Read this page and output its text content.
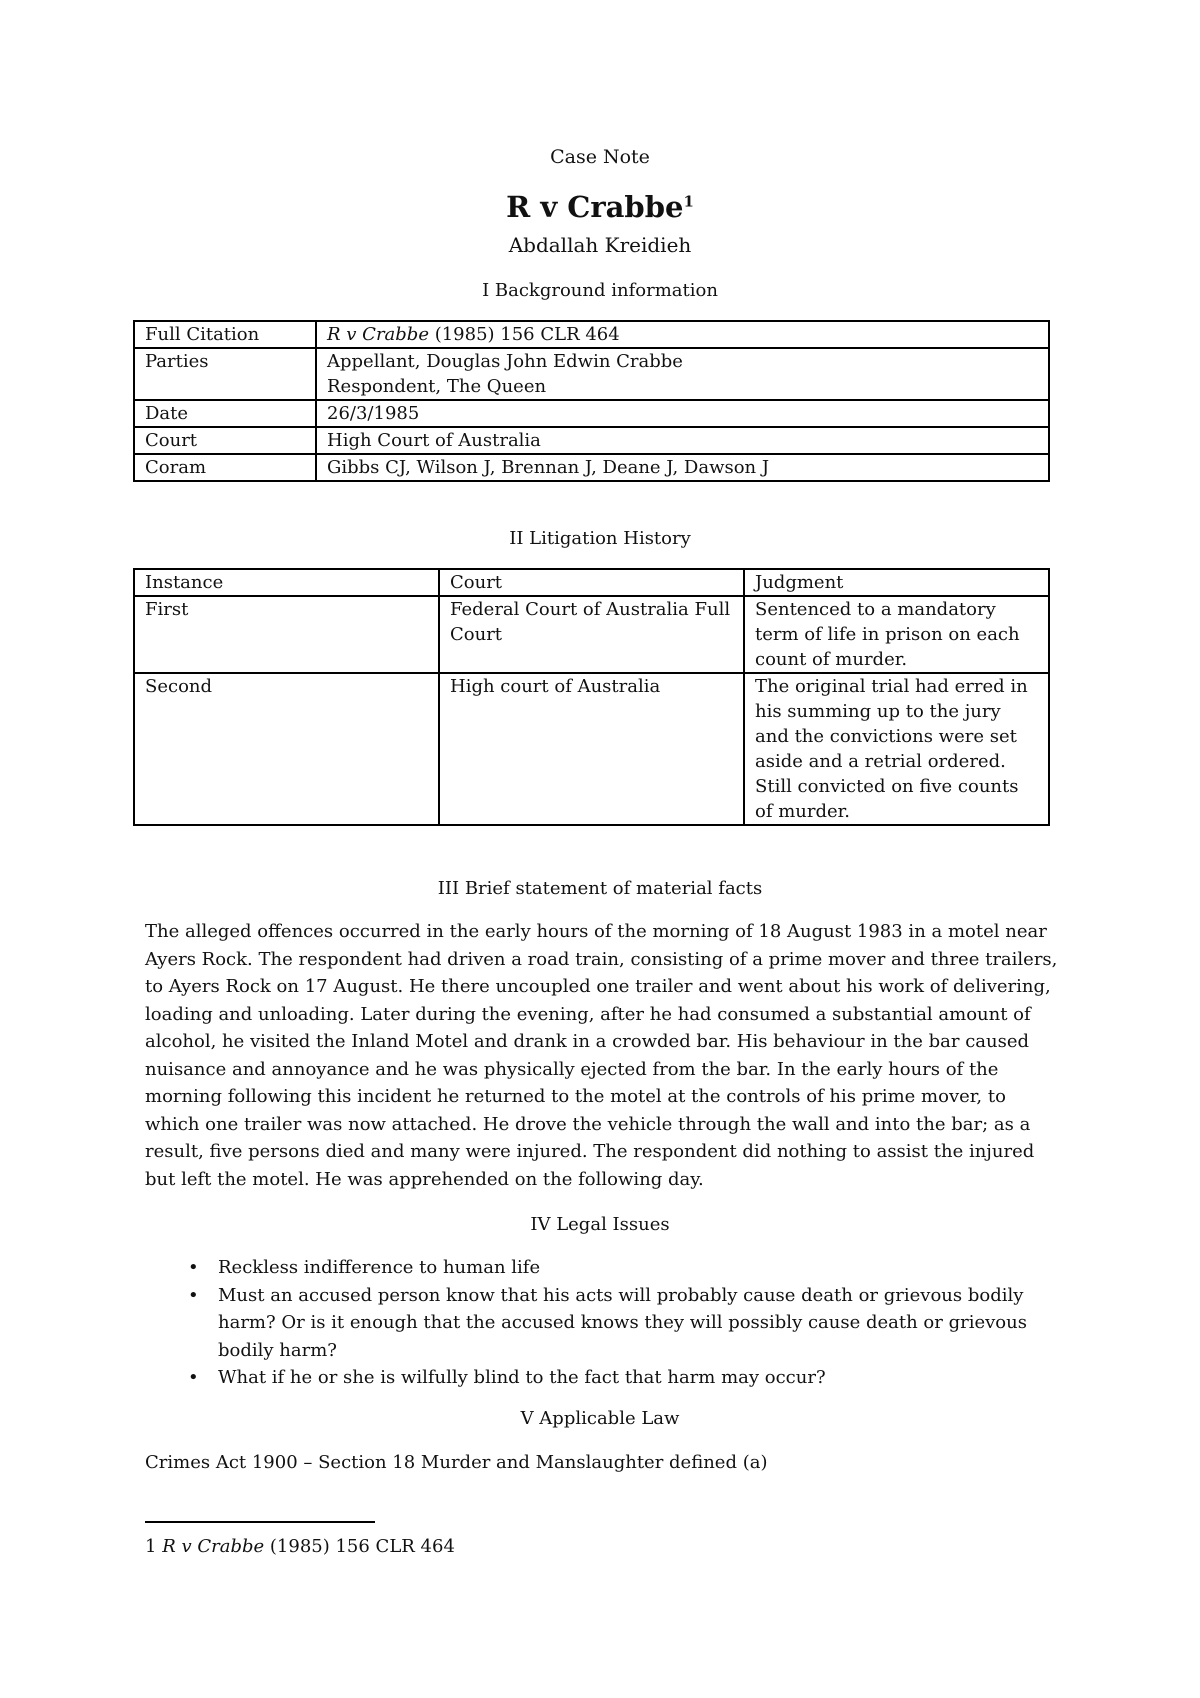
Case Note
R v Crabbe$^1$
Abdallah Kreidieh
I Background information
Full Citation	R v Crabbe (1985) 156 CLR 464
Parties	Appellant, Douglas John Edwin Crabbe
Respondent, The Queen

Date	26/3/1985
Court	High Court of Australia
Coram	Gibbs CJ, Wilson J, Brennan J, Deane J, Dawson J
II Litigation History
Instance	Court	Judgment
First	Federal Court of Australia Full Court	Sentenced to a mandatory term of life in prison on each count of murder.
Second	High court of Australia	The original trial had erred in his summing up to the jury and the convictions were set aside and a retrial ordered. Still convicted on five counts of murder.
III Brief statement of material facts
The alleged offences occurred in the early hours of the morning of 18 August 1983 in a motel near Ayers Rock. The respondent had driven a road train, consisting of a prime mover and three trailers, to Ayers Rock on 17 August. He there uncoupled one trailer and went about his work of delivering, loading and unloading. Later during the evening, after he had consumed a substantial amount of alcohol, he visited the Inland Motel and drank in a crowded bar. His behaviour in the bar caused nuisance and annoyance and he was physically ejected from the bar. In the early hours of the morning following this incident he returned to the motel at the controls of his prime mover, to which one trailer was now attached. He drove the vehicle through the wall and into the bar; as a result, five persons died and many were injured. The respondent did nothing to assist the injured but left the motel. He was apprehended on the following day.
IV Legal Issues
• Reckless indifference to human life
• Must an accused person know that his acts will probably cause death or grievous bodily harm? Or is it enough that the accused knows they will possibly cause death or grievous bodily harm?
• What if he or she is wilfully blind to the fact that harm may occur?
V Applicable Law
Crimes Act 1900 – Section 18 Murder and Manslaughter defined (a)
1 R v Crabbe (1985) 156 CLR 464
